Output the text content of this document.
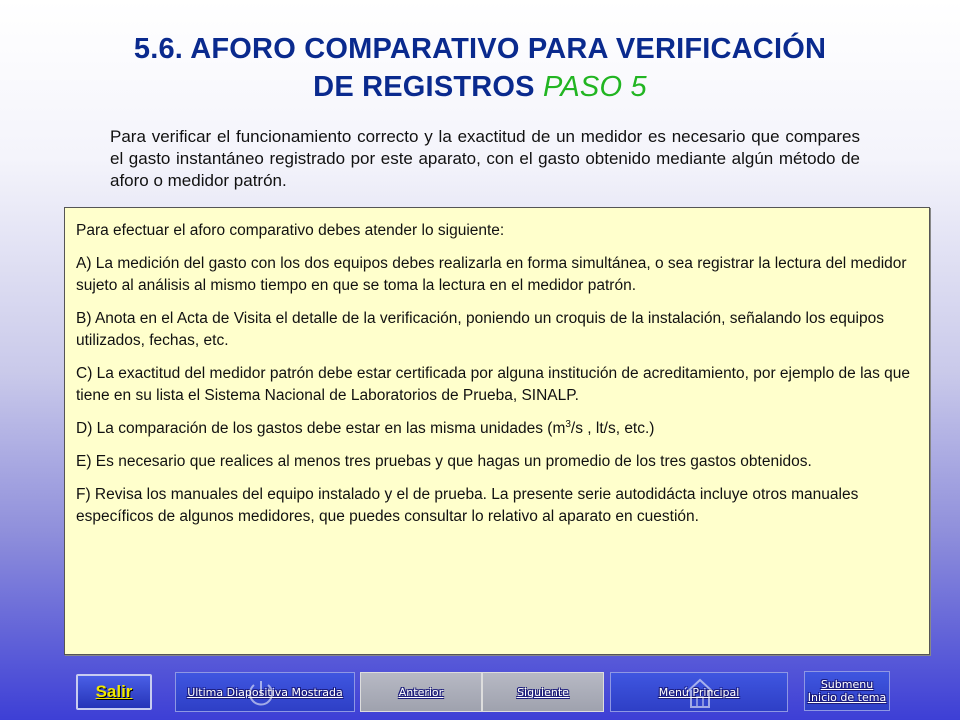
5.6. AFORO COMPARATIVO PARA VERIFICACIÓN
DE REGISTROS PASO 5
Para verificar el funcionamiento correcto y la exactitud de un medidor es necesario que compares el gasto instantáneo registrado por este aparato, con el gasto obtenido mediante algún método de aforo o medidor patrón.

Para efectuar el aforo comparativo debes atender lo siguiente:

A) La medición del gasto con los dos equipos debes realizarla en forma simultánea, o sea registrar la lectura del medidor sujeto al análisis al mismo tiempo en que se toma la lectura en el medidor patrón.

B) Anota en el Acta de Visita el detalle de la verificación, poniendo un croquis de la instalación, señalando los equipos utilizados, fechas, etc.

C) La exactitud del medidor patrón debe estar certificada por alguna institución de acreditamiento, por ejemplo de las que tiene en su lista el Sistema Nacional de Laboratorios de Prueba, SINALP.

D) La comparación de los gastos debe estar en las misma unidades ($m^3/s$ , lt/s, etc.)

E) Es necesario que realices al menos tres pruebas y que hagas un promedio de los tres gastos obtenidos.

F) Revisa los manuales del equipo instalado y el de prueba. La presente serie autodidácta incluye otros manuales específicos de algunos medidores, que puedes consultar lo relativo al aparato en cuestión.

Salir	Ultima Diapositiva Mostrada	Anterior	Siguiente	Menú Principal
Submenu
Inicio de tema
